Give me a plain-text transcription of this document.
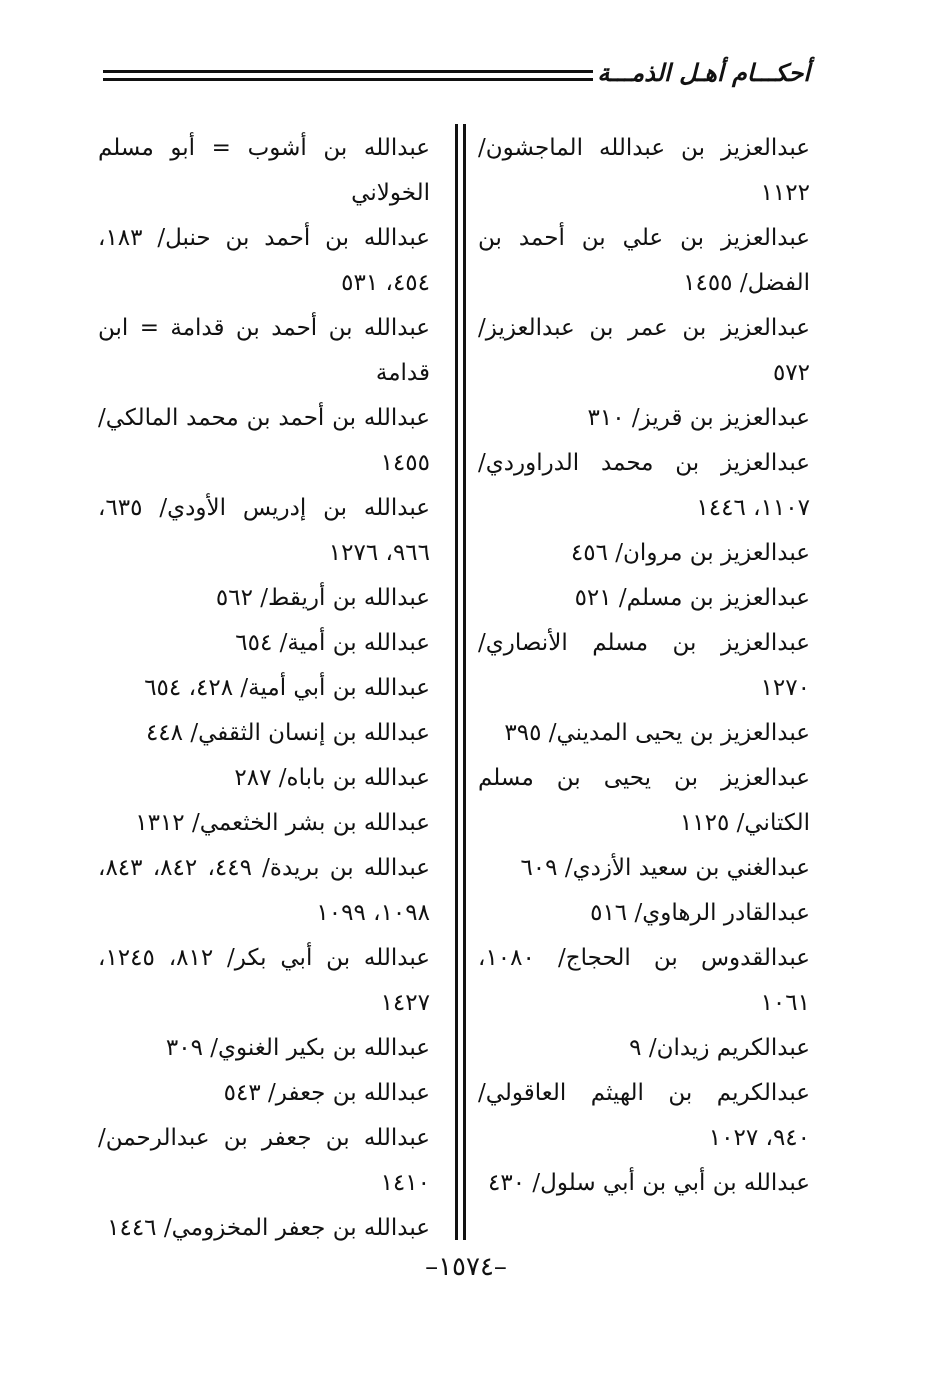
أحكـــام أهـل الذمـــة

عبدالعزيز بن عبدالله الماجشون/ ١١٢٢

عبدالعزيز بن علي بن أحمد بن الفضل/ ١٤٥٥

عبدالعزيز بن عمر بن عبدالعزيز/ ٥٧٢

عبدالعزيز بن قريز/ ٣١٠

عبدالعزيز بن محمد الدراوردي/ ١١٠٧، ١٤٤٦

عبدالعزيز بن مروان/ ٤٥٦

عبدالعزيز بن مسلم/ ٥٢١

عبدالعزيز بن مسلم الأنصاري/ ١٢٧٠

عبدالعزيز بن يحيى المديني/ ٣٩٥

عبدالعزيز بن يحيى بن مسلم الكتاني/ ١١٢٥

عبدالغني بن سعيد الأزدي/ ٦٠٩

عبدالقادر الرهاوي/ ٥١٦

عبدالقدوس بن الحجاج/ ١٠٨٠، ١٠٦١

عبدالكريم زيدان/ ٩

عبدالكريم بن الهيثم العاقولي/ ٩٤٠، ١٠٢٧

عبدالله بن أبي بن أبي سلول/ ٤٣٠

عبدالله بن أشوب = أبو مسلم الخولاني

عبدالله بن أحمد بن حنبل/ ١٨٣، ٤٥٤، ٥٣١

عبدالله بن أحمد بن قدامة = ابن قدامة

عبدالله بن أحمد بن محمد المالكي/ ١٤٥٥

عبدالله بن إدريس الأودي/ ٦٣٥، ٩٦٦، ١٢٧٦

عبدالله بن أريقط/ ٥٦٢

عبدالله بن أمية/ ٦٥٤

عبدالله بن أبي أمية/ ٤٢٨، ٦٥٤

عبدالله بن إنسان الثقفي/ ٤٤٨

عبدالله بن باباه/ ٢٨٧

عبدالله بن بشر الخثعمي/ ١٣١٢

عبدالله بن بريدة/ ٤٤٩، ٨٤٢، ٨٤٣، ١٠٩٨، ١٠٩٩

عبدالله بن أبي بكر/ ٨١٢، ١٢٤٥، ١٤٢٧

عبدالله بن بكير الغنوي/ ٣٠٩

عبدالله بن جعفر/ ٥٤٣

عبدالله بن جعفر بن عبدالرحمن/ ١٤١٠

عبدالله بن جعفر المخزومي/ ١٤٤٦

–١٥٧٤–
